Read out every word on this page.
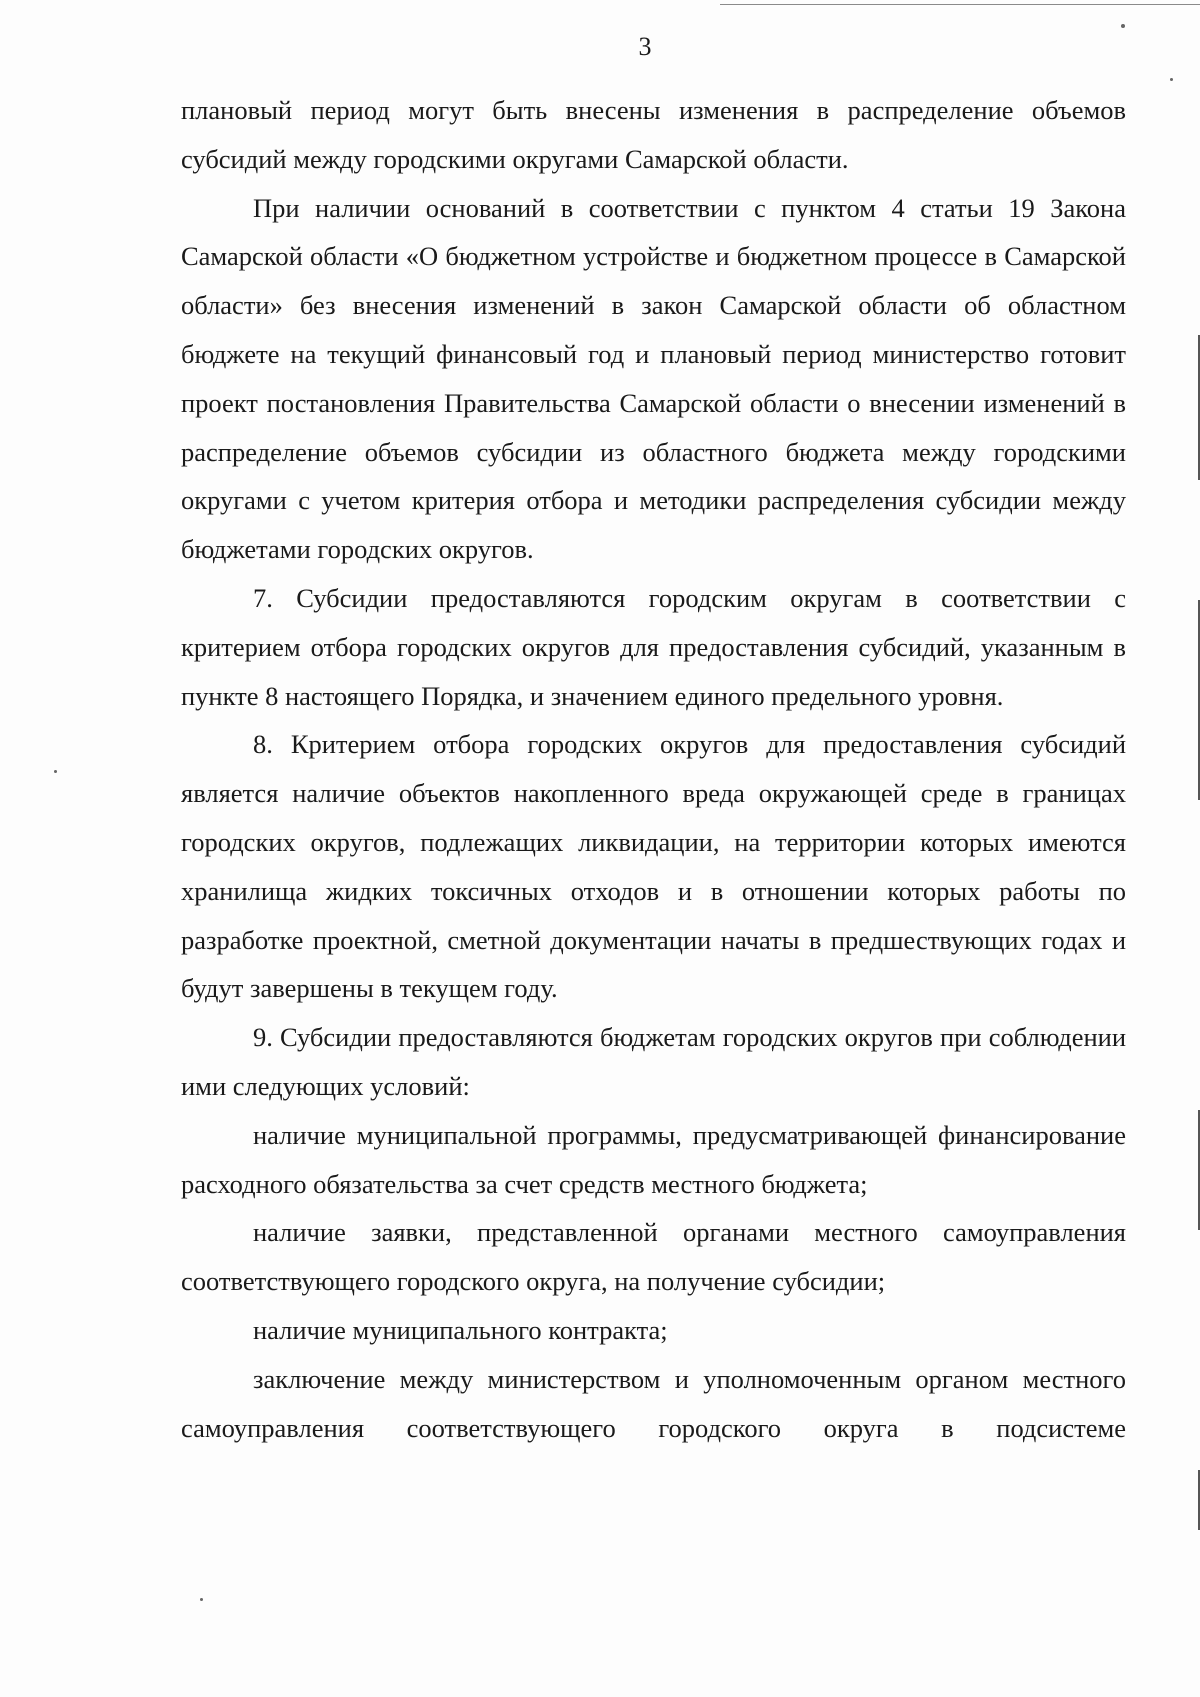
3

плановый период могут быть внесены изменения в распределение объемов субсидий между городскими округами Самарской области.

При наличии оснований в соответствии с пунктом 4 статьи 19 Закона Самарской области «О бюджетном устройстве и бюджетном процессе в Самарской области» без внесения изменений в закон Самарской области об областном бюджете на текущий финансовый год и плановый период министерство готовит проект постановления Правительства Самарской области о внесении изменений в распределение объемов субсидии из областного бюджета между городскими округами с учетом критерия отбора и методики распределения субсидии между бюджетами городских округов.

7. Субсидии предоставляются городским округам в соответствии с критерием отбора городских округов для предоставления субсидий, указанным в пункте 8 настоящего Порядка, и значением единого предельного уровня.

8. Критерием отбора городских округов для предоставления субсидий является наличие объектов накопленного вреда окружающей среде в границах городских округов, подлежащих ликвидации, на территории которых имеются хранилища жидких токсичных отходов и в отношении которых работы по разработке проектной, сметной документации начаты в предшествующих годах и будут завершены в текущем году.

9. Субсидии предоставляются бюджетам городских округов при соблюдении ими следующих условий:

наличие муниципальной программы, предусматривающей финансирование расходного обязательства за счет средств местного бюджета;

наличие заявки, представленной органами местного самоуправления соответствующего городского округа, на получение субсидии;

наличие муниципального контракта;

заключение между министерством и уполномоченным органом местного самоуправления соответствующего городского округа в подсистеме
